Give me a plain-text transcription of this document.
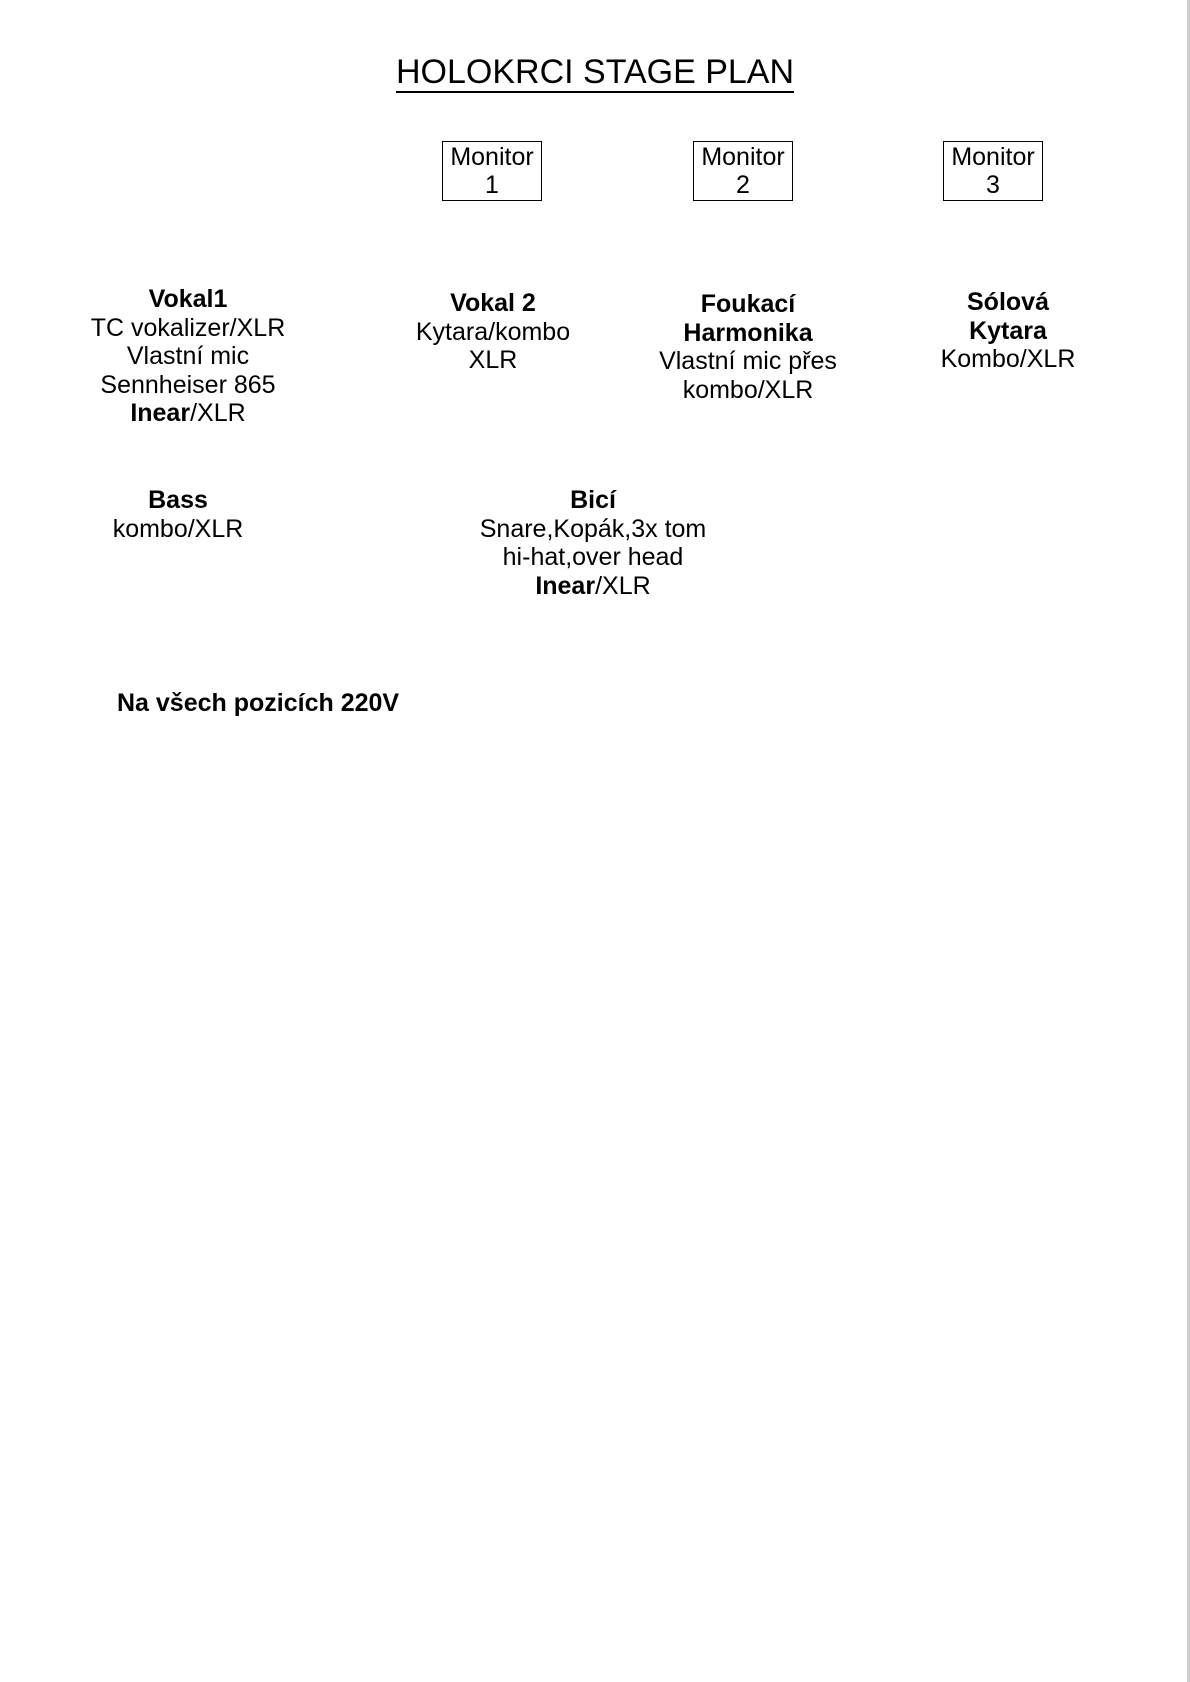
HOLOKRCI STAGE PLAN
Monitor
1
Monitor
2
Monitor
3
Vokal1
TC vokalizer/XLR
Vlastní mic
Sennheiser 865
Inear/XLR
Vokal 2
Kytara/kombo
XLR
Foukací
Harmonika
Vlastní mic přes
kombo/XLR
Sólová
Kytara
Kombo/XLR
Bass
kombo/XLR
Bicí
Snare,Kopák,3x tom
hi-hat,over head
Inear/XLR
Na všech pozicích 220V
